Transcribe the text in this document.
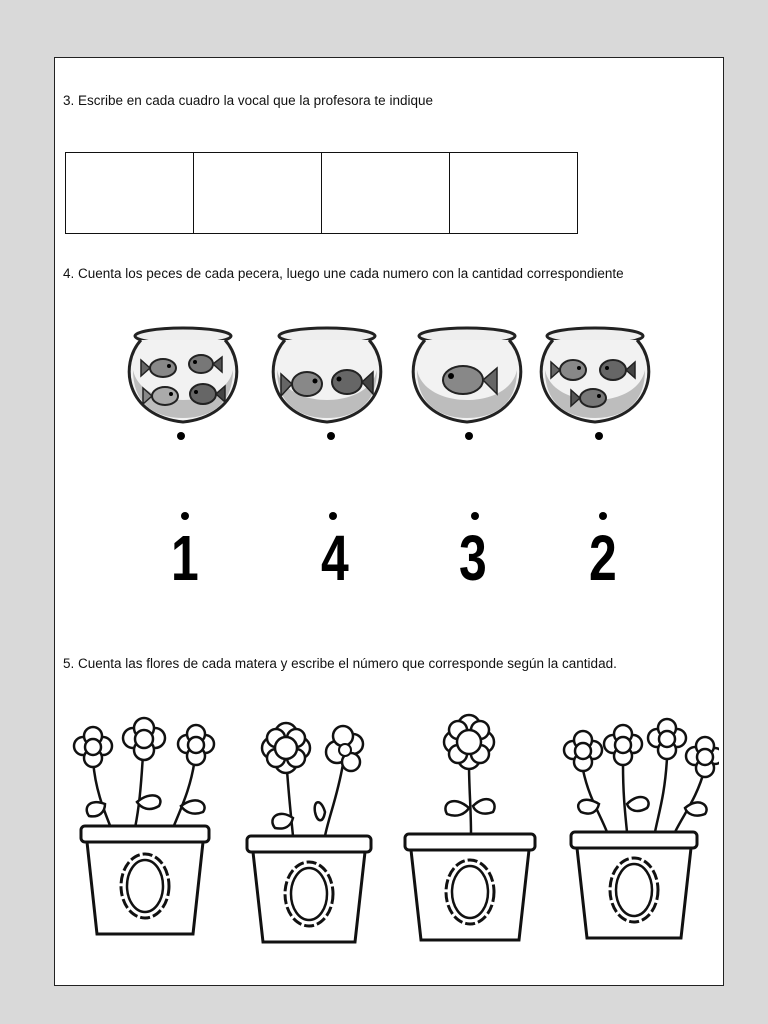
3. Escribe en cada cuadro la vocal que la profesora te indique
4. Cuenta los peces de cada pecera, luego une cada numero con la cantidad correspondiente
1 4 3 2
5. Cuenta las flores de cada matera y escribe el número que corresponde según la cantidad.
